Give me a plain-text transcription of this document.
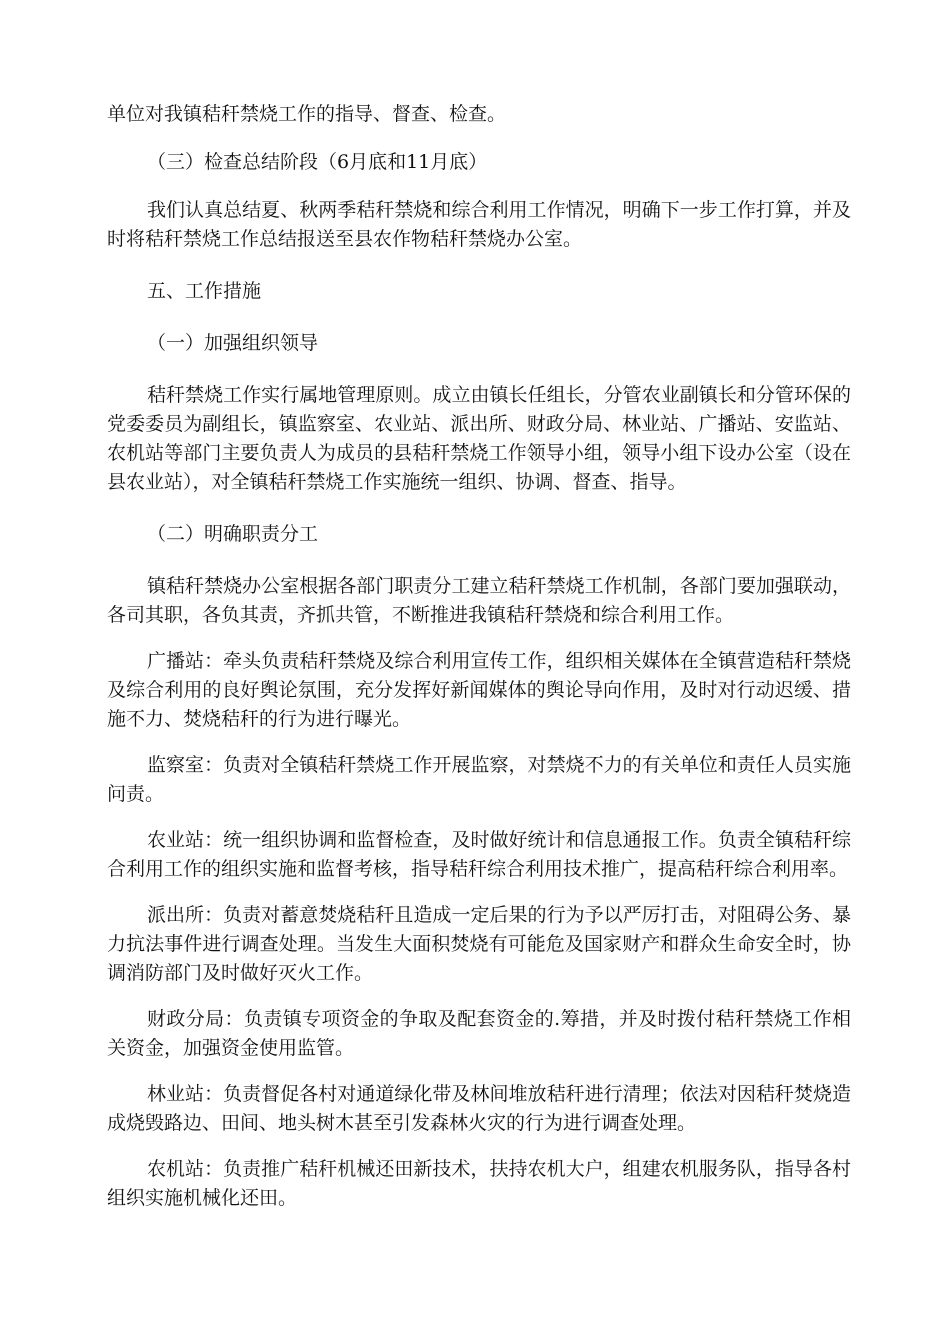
单位对我镇秸秆禁烧工作的指导、督查、检查。

（三）检查总结阶段（6月底和11月底）

我们认真总结夏、秋两季秸秆禁烧和综合利用工作情况，明确下一步工作打算，并及时将秸秆禁烧工作总结报送至县农作物秸秆禁烧办公室。

五、工作措施

（一）加强组织领导

秸秆禁烧工作实行属地管理原则。成立由镇长任组长，分管农业副镇长和分管环保的党委委员为副组长，镇监察室、农业站、派出所、财政分局、林业站、广播站、安监站、农机站等部门主要负责人为成员的县秸秆禁烧工作领导小组，领导小组下设办公室（设在县农业站），对全镇秸秆禁烧工作实施统一组织、协调、督查、指导。

（二）明确职责分工

镇秸秆禁烧办公室根据各部门职责分工建立秸秆禁烧工作机制，各部门要加强联动，各司其职，各负其责，齐抓共管，不断推进我镇秸秆禁烧和综合利用工作。

广播站：牵头负责秸秆禁烧及综合利用宣传工作，组织相关媒体在全镇营造秸秆禁烧及综合利用的良好舆论氛围，充分发挥好新闻媒体的舆论导向作用，及时对行动迟缓、措施不力、焚烧秸秆的行为进行曝光。

监察室：负责对全镇秸秆禁烧工作开展监察，对禁烧不力的有关单位和责任人员实施问责。

农业站：统一组织协调和监督检查，及时做好统计和信息通报工作。负责全镇秸秆综合利用工作的组织实施和监督考核，指导秸秆综合利用技术推广，提高秸秆综合利用率。

派出所：负责对蓄意焚烧秸秆且造成一定后果的行为予以严厉打击，对阻碍公务、暴力抗法事件进行调查处理。当发生大面积焚烧有可能危及国家财产和群众生命安全时，协调消防部门及时做好灭火工作。

财政分局：负责镇专项资金的争取及配套资金的.筹措，并及时拨付秸秆禁烧工作相关资金，加强资金使用监管。

林业站：负责督促各村对通道绿化带及林间堆放秸秆进行清理；依法对因秸秆焚烧造成烧毁路边、田间、地头树木甚至引发森林火灾的行为进行调查处理。

农机站：负责推广秸秆机械还田新技术，扶持农机大户，组建农机服务队，指导各村组织实施机械化还田。
